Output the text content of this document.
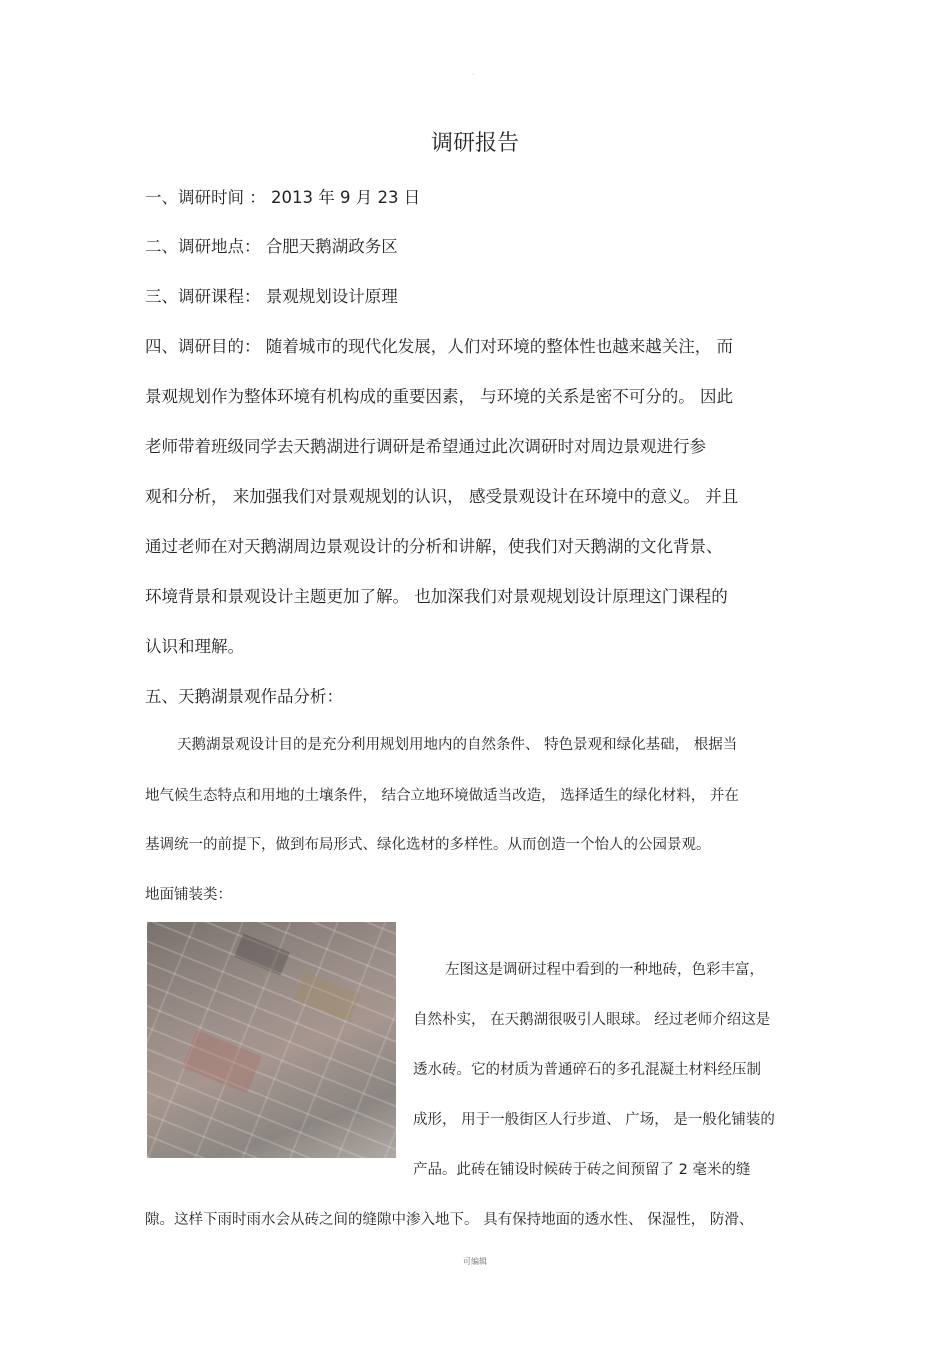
·
调研报告
一、调研时间 ： 2013 年 9 月 23 日
二、调研地点： 合肥天鹅湖政务区
三、调研课程： 景观规划设计原理
四、调研目的： 随着城市的现代化发展，人们对环境的整体性也越来越关注， 而
景观规划作为整体环境有机构成的重要因素， 与环境的关系是密不可分的。 因此
老师带着班级同学去天鹅湖进行调研是希望通过此次调研时对周边景观进行参
观和分析， 来加强我们对景观规划的认识， 感受景观设计在环境中的意义。 并且
通过老师在对天鹅湖周边景观设计的分析和讲解，使我们对天鹅湖的文化背景、
环境背景和景观设计主题更加了解。 也加深我们对景观规划设计原理这门课程的
认识和理解。
五、天鹅湖景观作品分析：
天鹅湖景观设计目的是充分利用规划用地内的自然条件、 特色景观和绿化基础， 根据当
地气候生态特点和用地的土壤条件， 结合立地环境做适当改造， 选择适生的绿化材料， 并在
基调统一的前提下，做到布局形式、绿化选材的多样性。从而创造一个怡人的公园景观。
地面铺装类：
左图这是调研过程中看到的一种地砖，色彩丰富，
自然朴实， 在天鹅湖很吸引人眼球。 经过老师介绍这是
透水砖。它的材质为普通碎石的多孔混凝土材料经压制
成形， 用于一般街区人行步道、 广场， 是一般化铺装的
产品。此砖在铺设时候砖于砖之间预留了 2 毫米的缝
隙。这样下雨时雨水会从砖之间的缝隙中渗入地下。 具有保持地面的透水性、 保湿性， 防滑、
可编辑
